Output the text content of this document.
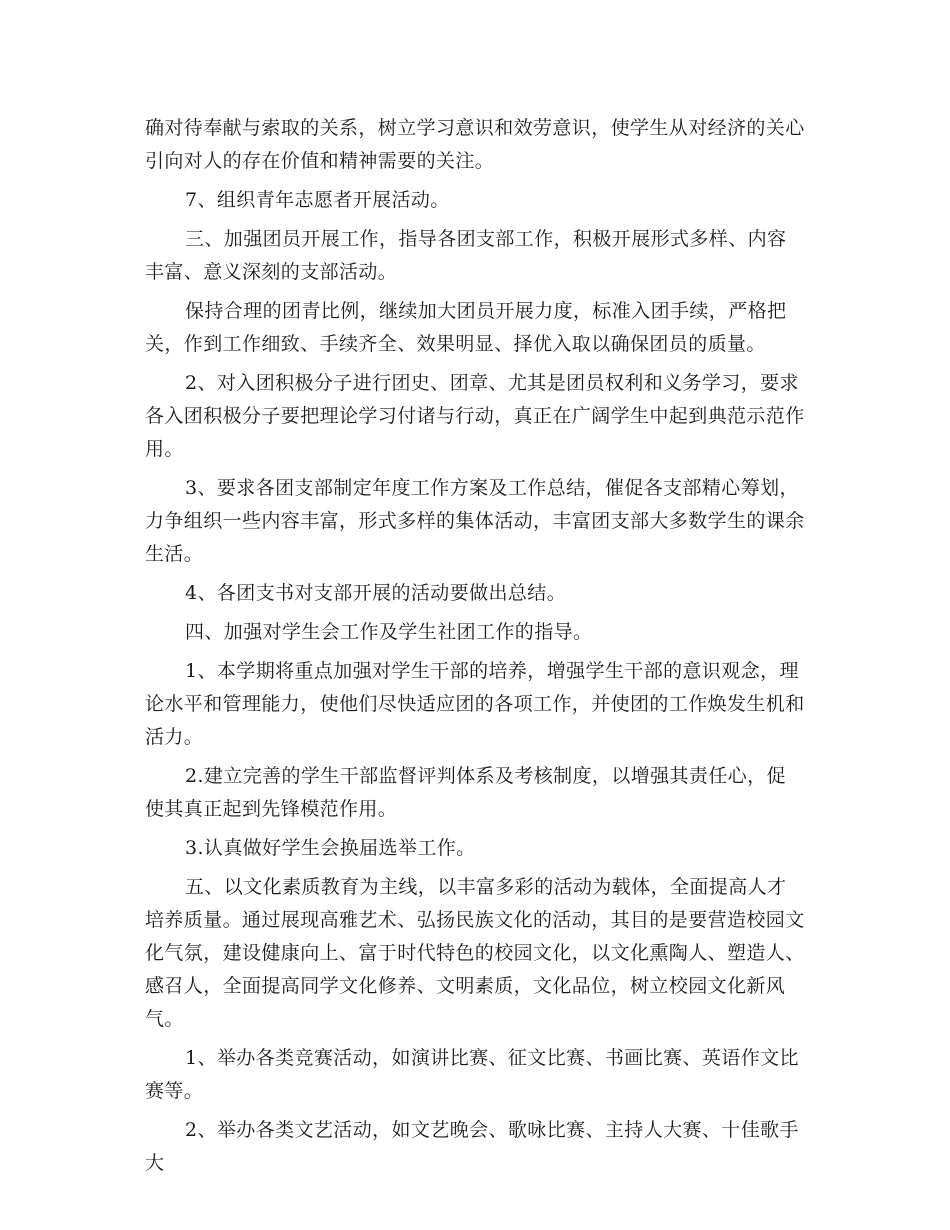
确对待奉献与索取的关系，树立学习意识和效劳意识，使学生从对经济的关心引向对人的存在价值和精神需要的关注。

7、组织青年志愿者开展活动。

三、加强团员开展工作，指导各团支部工作，积极开展形式多样、内容丰富、意义深刻的支部活动。

保持合理的团青比例，继续加大团员开展力度，标准入团手续，严格把关，作到工作细致、手续齐全、效果明显、择优入取以确保团员的质量。

2、对入团积极分子进行团史、团章、尤其是团员权利和义务学习，要求各入团积极分子要把理论学习付诸与行动，真正在广阔学生中起到典范示范作用。

3、要求各团支部制定年度工作方案及工作总结，催促各支部精心筹划，力争组织一些内容丰富，形式多样的集体活动，丰富团支部大多数学生的课余生活。

4、各团支书对支部开展的活动要做出总结。

四、加强对学生会工作及学生社团工作的指导。

1、本学期将重点加强对学生干部的培养，增强学生干部的意识观念，理论水平和管理能力，使他们尽快适应团的各项工作，并使团的工作焕发生机和活力。

2.建立完善的学生干部监督评判体系及考核制度，以增强其责任心，促使其真正起到先锋模范作用。

3.认真做好学生会换届选举工作。

五、以文化素质教育为主线，以丰富多彩的活动为载体，全面提高人才培养质量。通过展现高雅艺术、弘扬民族文化的活动，其目的是要营造校园文化气氛，建设健康向上、富于时代特色的校园文化，以文化熏陶人、塑造人、感召人，全面提高同学文化修养、文明素质，文化品位，树立校园文化新风气。

1、举办各类竞赛活动，如演讲比赛、征文比赛、书画比赛、英语作文比赛等。

2、举办各类文艺活动，如文艺晚会、歌咏比赛、主持人大赛、十佳歌手大
